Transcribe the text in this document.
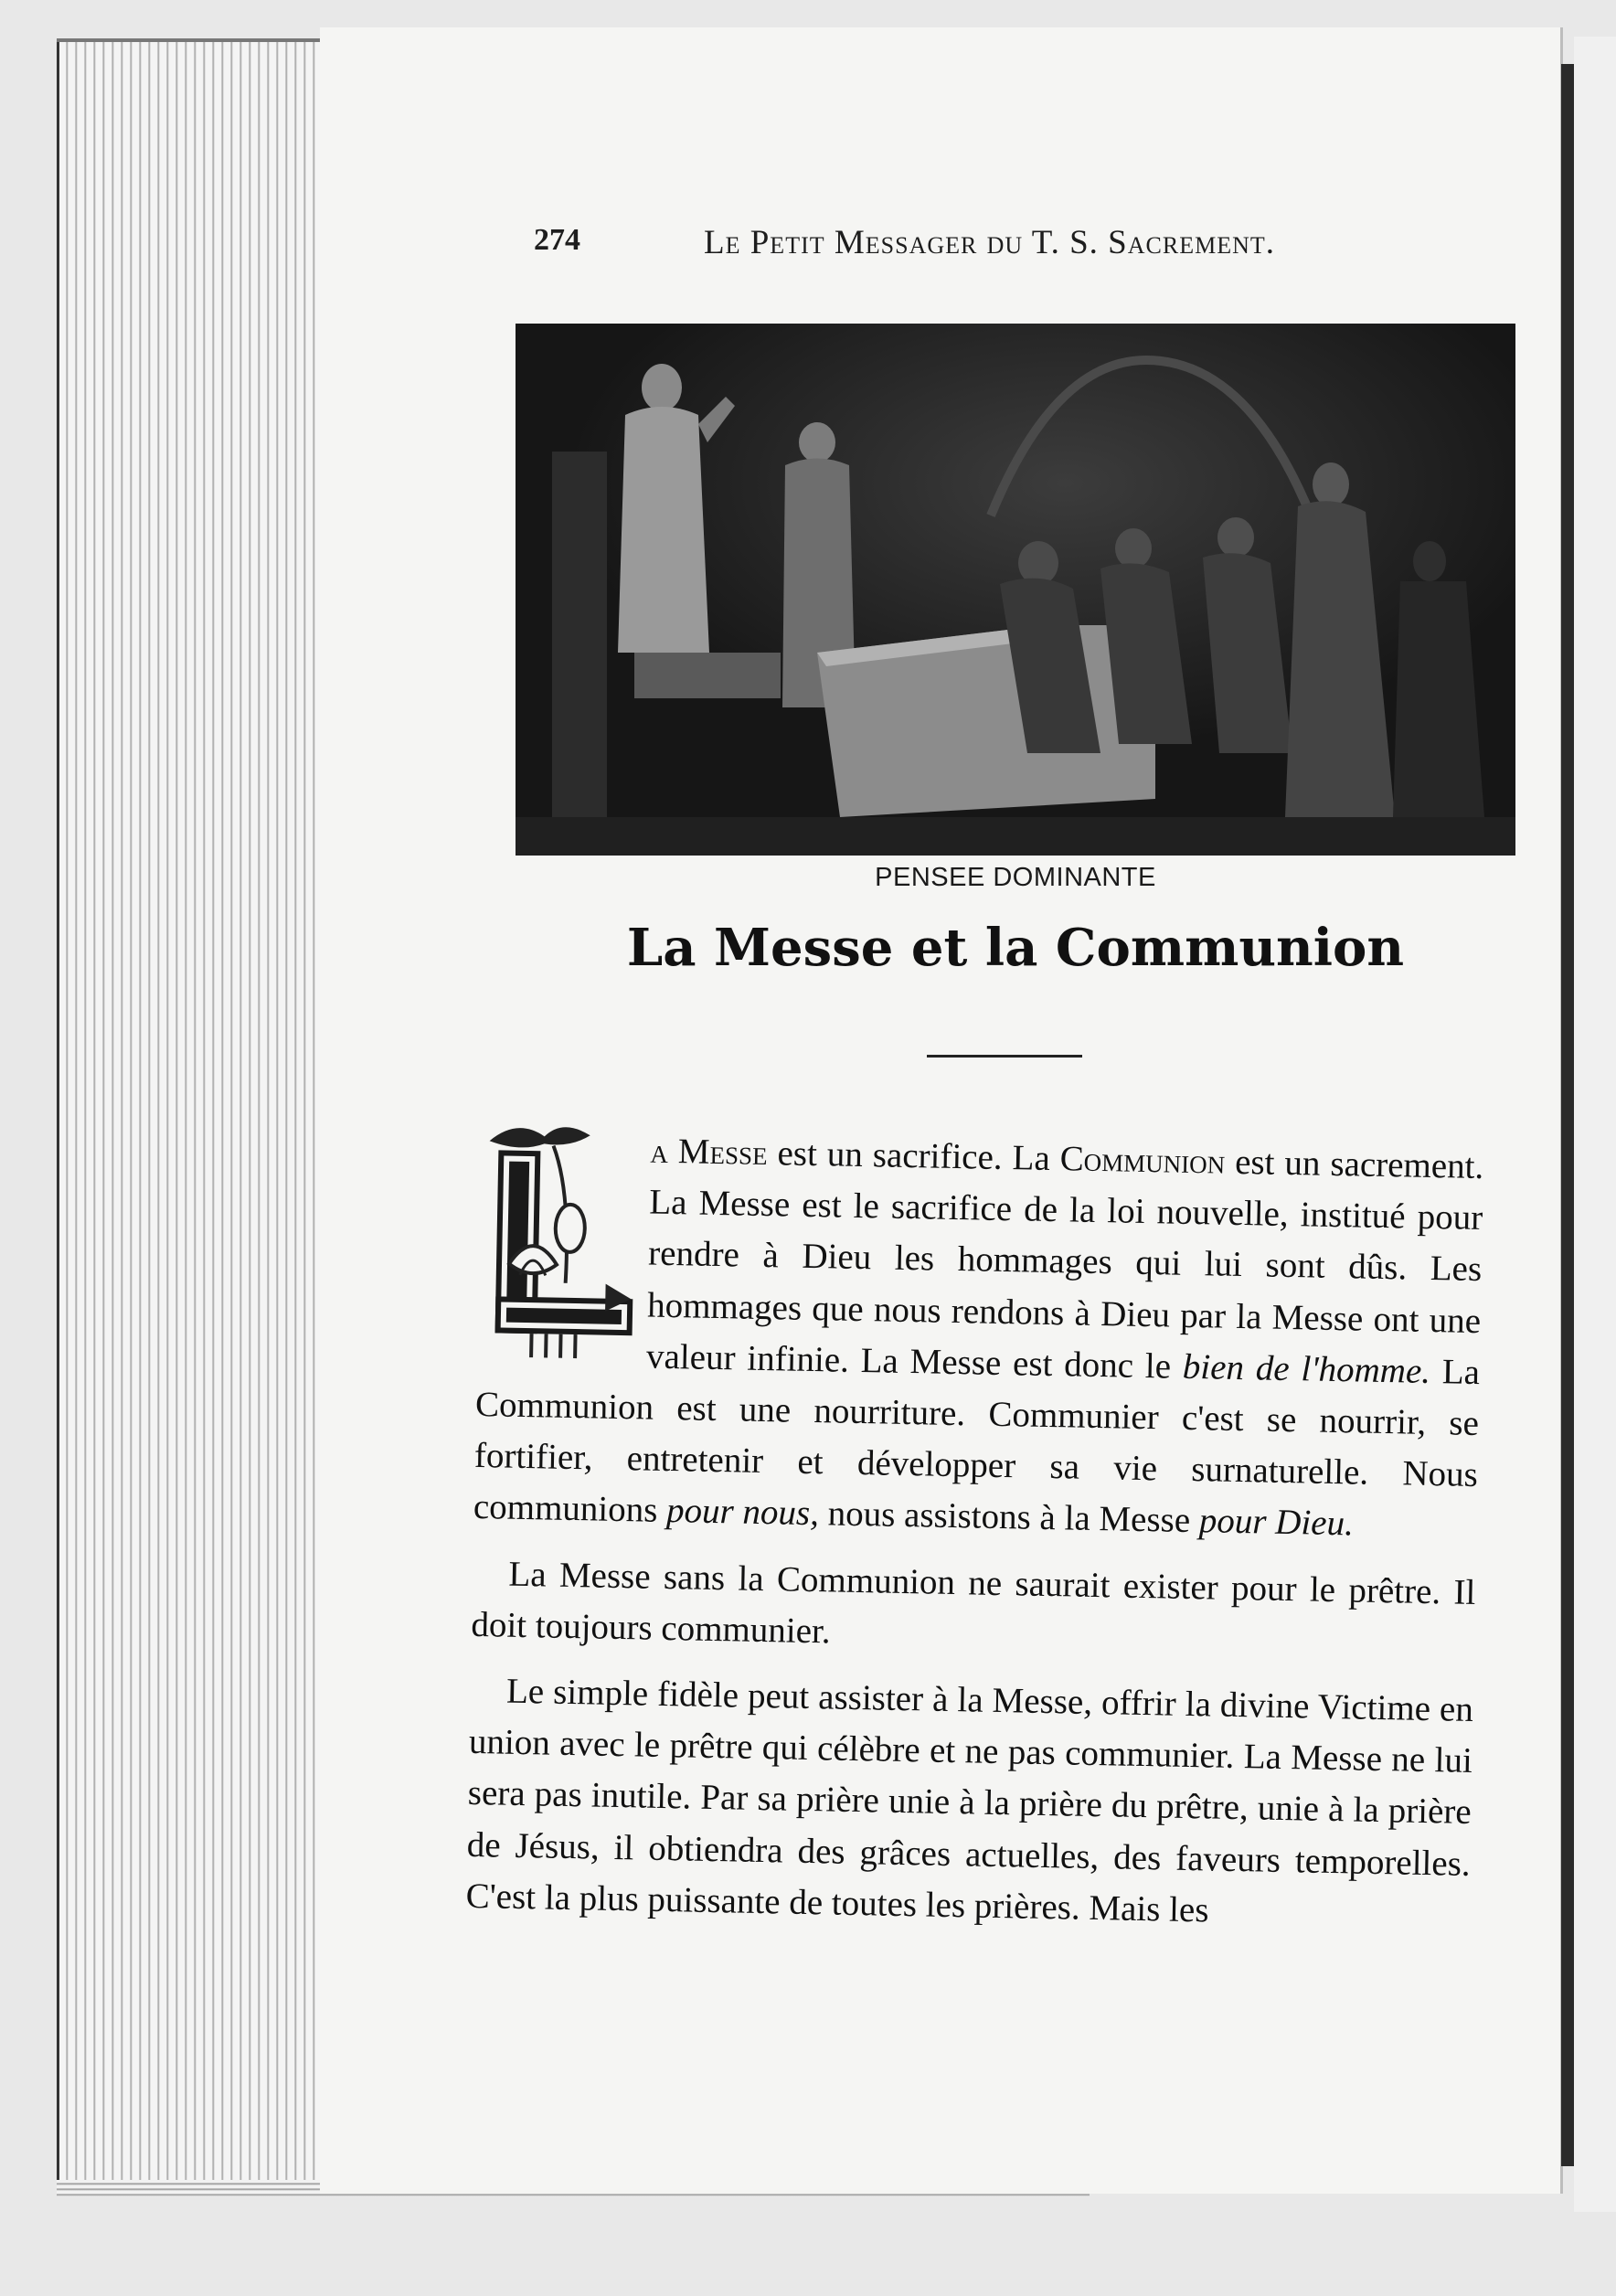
274	Le Petit Messager du T. S. Sacrement.
PENSEE DOMINANTE
La Messe et la Communion

a Messe est un sacrifice. La Communion est un sacrement. La Messe est le sacrifice de la loi nouvelle, institué pour rendre à Dieu les hommages qui lui sont dûs. Les hommages que nous rendons à Dieu par la Messe ont une valeur infinie. La Messe est donc le bien de l'homme. La Communion est une nourriture. Communier c'est se nourrir, se fortifier, entretenir et développer sa vie surnaturelle. Nous communions pour nous, nous assistons à la Messe pour Dieu.

La Messe sans la Communion ne saurait exister pour le prêtre. Il doit toujours communier.

Le simple fidèle peut assister à la Messe, offrir la divine Victime en union avec le prêtre qui célèbre et ne pas communier. La Messe ne lui sera pas inutile. Par sa prière unie à la prière du prêtre, unie à la prière de Jésus, il obtiendra des grâces actuelles, des faveurs temporelles. C'est la plus puissante de toutes les prières. Mais les
